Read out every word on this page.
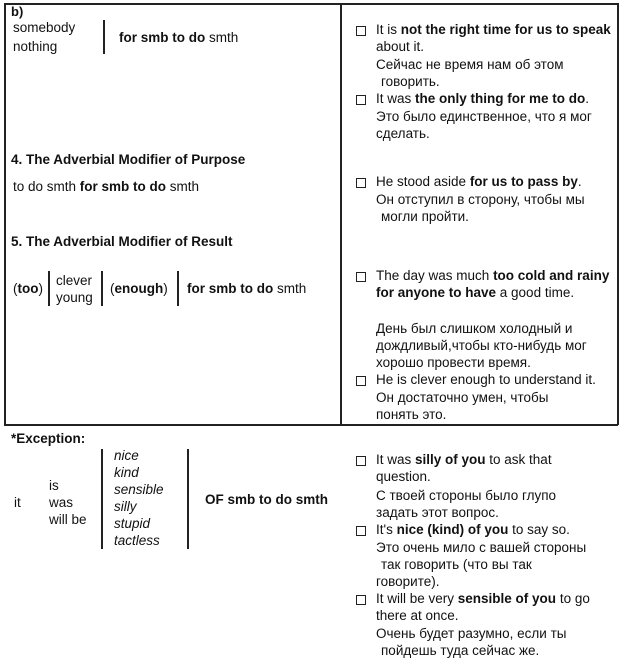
b)
somebody
nothing
for smb to do smth
4. The Adverbial Modifier of Purpose
to do smth for smb to do smth
5. The Adverbial Modifier of Result
(too)
clever
young
(enough) for smb to do smth
*Exception:
it
is
was
will be
nice
kind
sensible
silly
stupid
tactless
OF smb to do smth
It is not the right time for us to speak about it.
Сейчас не время нам об этом
говорить.
It was the only thing for me to do.
Это было единственное, что я мог
сделать.
He stood aside for us to pass by.
Он отступил в сторону, чтобы мы
могли пройти.
The day was much too cold and rainy for anyone to have a good time.
День был слишком холодный и
дождливый,чтобы кто-нибудь мог
хорошо провести время.
He is clever enough to understand it.
Он достаточно умен, чтобы
понять это.
It was silly of you to ask that question.
С твоей стороны было глупо
задать этот вопрос.
It's nice (kind) of you to say so.
Это очень мило с вашей стороны
так говорить (что вы так
говорите).
It will be very sensible of you to go there at once.
Очень будет разумно, если ты
пойдешь туда сейчас же.
